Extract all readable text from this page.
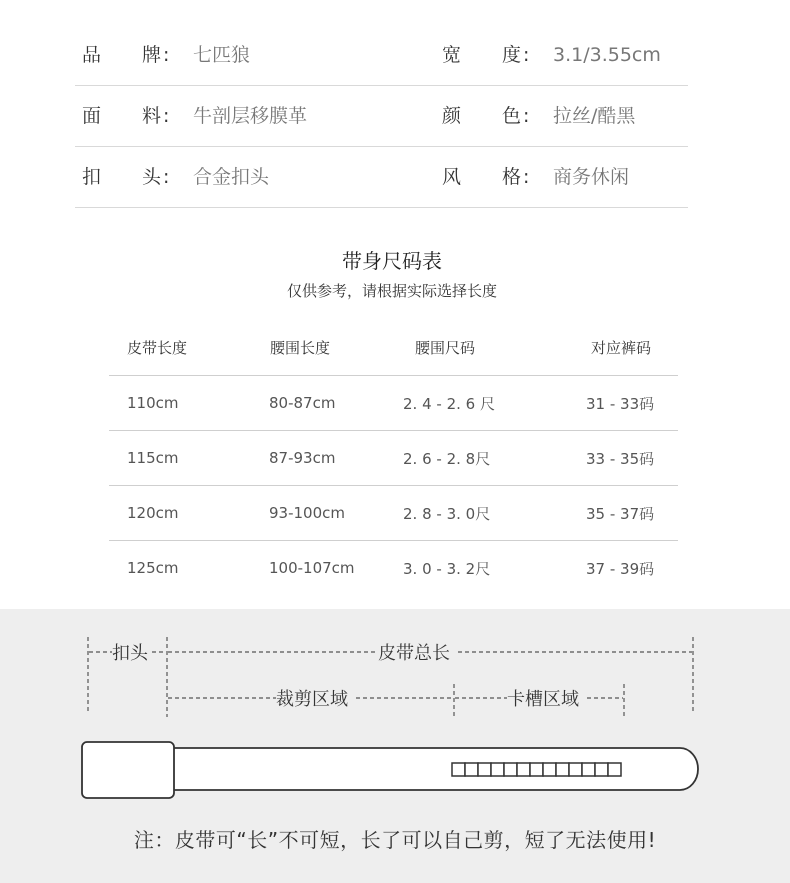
品 牌 : 七匹狼	宽 度 : 3.1/3.55cm
面 料 : 牛剖层移膜革	颜 色 : 拉丝/酷黑
扣 头 : 合金扣头	风 格 : 商务休闲
带身尺码表
仅供参考，请根据实际选择长度
皮带长度	腰围长度	腰围尺码	对应裤码
110cm	80-87cm	2. 4 - 2. 6 尺	31 - 33码
115cm	87-93cm	2. 6 - 2. 8尺	33 - 35码
120cm	93-100cm	2. 8 - 3. 0尺	35 - 37码
125cm	100-107cm	3. 0 - 3. 2尺	37 - 39码
扣头	皮带总长
裁剪区域	卡槽区域
注：皮带可“长”不可短，长了可以自己剪，短了无法使用!
